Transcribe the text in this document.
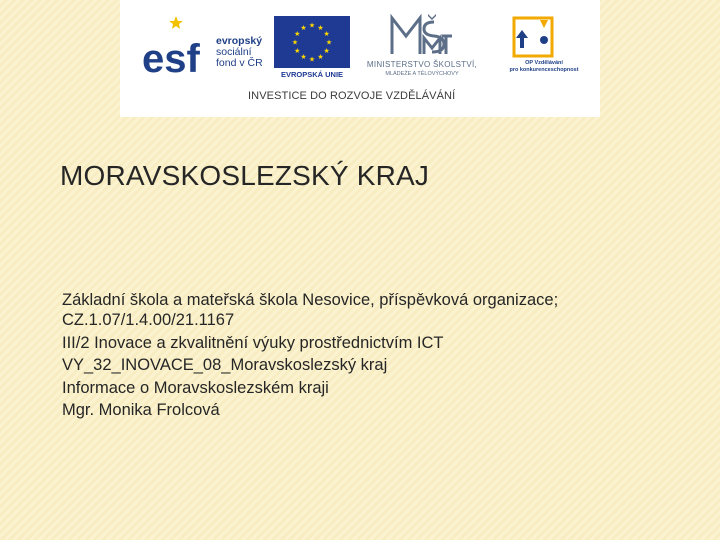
esf evropský
sociální
fond v ČR
★ ★
★
★
★
★
★
★
★
★
★
★
EVROPSKÁ UNIE
MINISTERSTVO ŠKOLSTVÍ,
MLÁDEŽE A TĚLOVÝCHOVY
OP Vzdělávání
pro konkurenceschopnost
INVESTICE DO ROZVOJE VZDĚLÁVÁNÍ
MORAVSKOSLEZSKÝ KRAJ
Základní škola a mateřská škola Nesovice, příspěvková organizace;
CZ.1.07/1.4.00/21.1167
III/2 Inovace a zkvalitnění výuky prostřednictvím ICT
VY_32_INOVACE_08_Moravskoslezský kraj
Informace o Moravskoslezském kraji
Mgr. Monika Frolcová
